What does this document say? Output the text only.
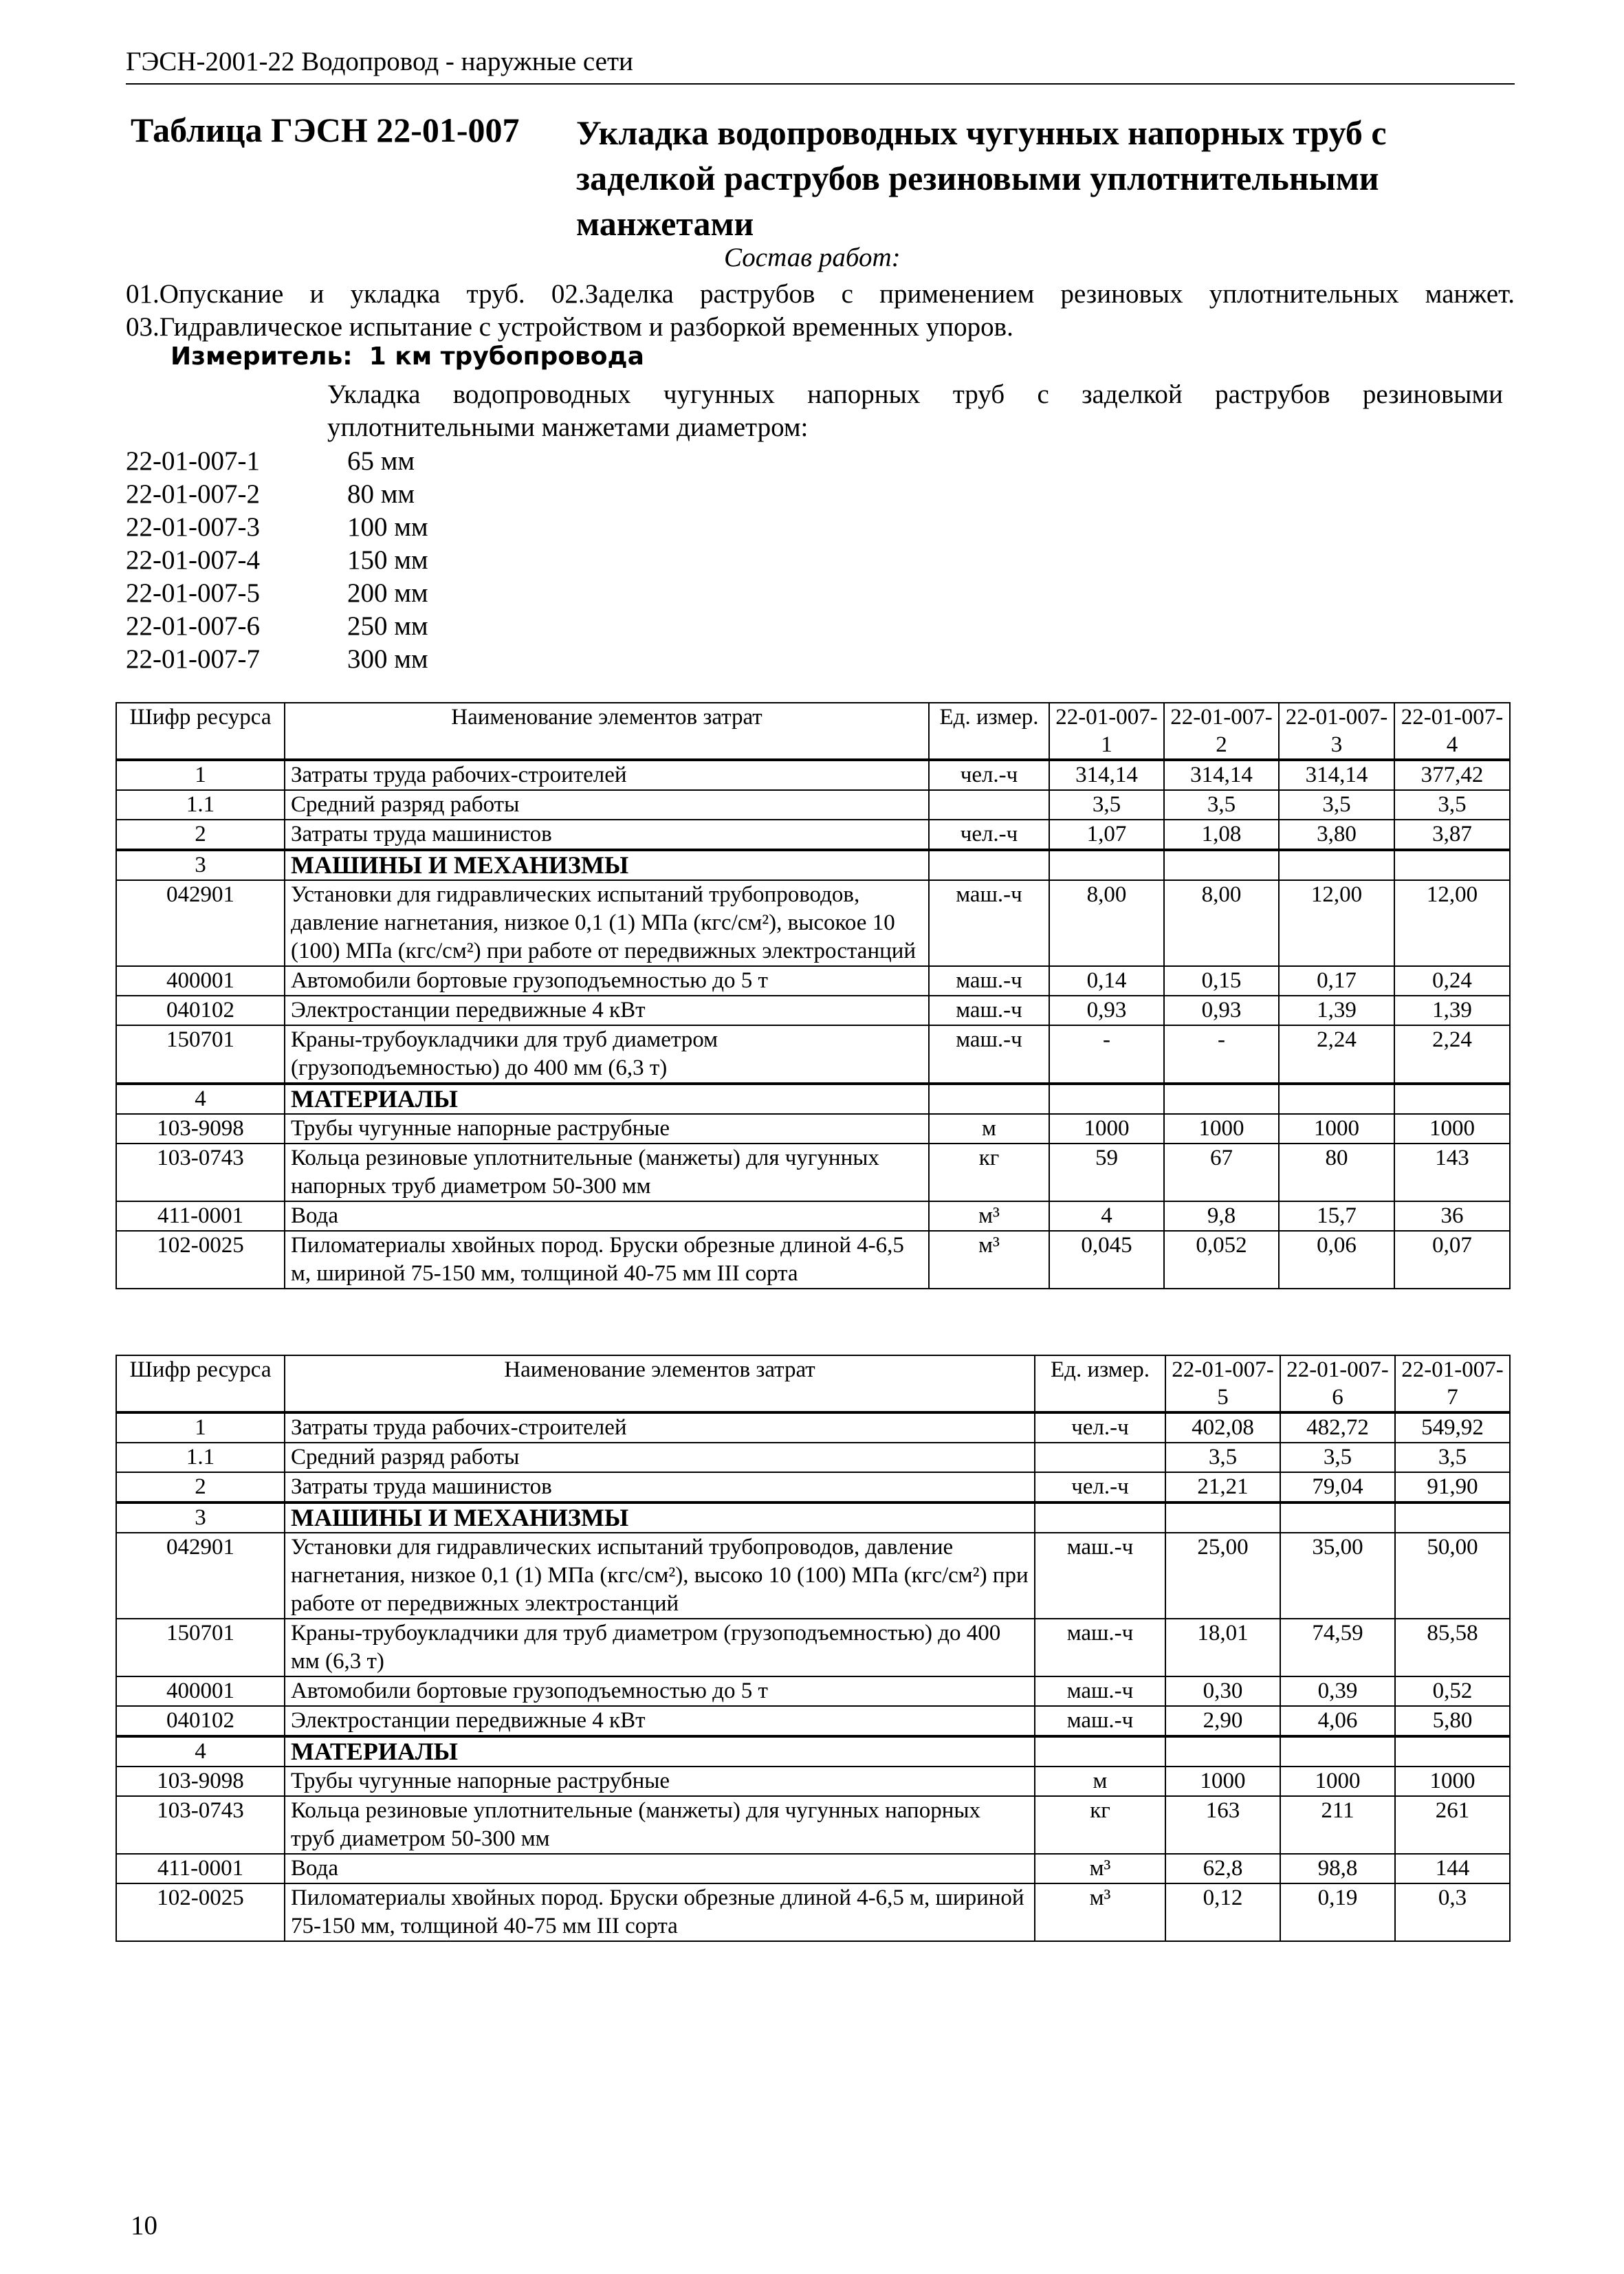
ГЭСН-2001-22 Водопровод - наружные сети
Таблица ГЭСН 22-01-007 Укладка водопроводных чугунных напорных труб с заделкой раструбов резиновыми уплотнительными манжетами
Состав работ:
01.Опускание и укладка труб. 02.Заделка раструбов с применением резиновых уплотнительных манжет. 03.Гидравлическое испытание с устройством и разборкой временных упоров.
Измеритель: 1 км трубопровода
Укладка водопроводных чугунных напорных труб с заделкой раструбов резиновыми уплотнительными манжетами диаметром:
22-01-007-1	65 мм
22-01-007-2	80 мм
22-01-007-3	100 мм
22-01-007-4	150 мм
22-01-007-5	200 мм
22-01-007-6	250 мм
22-01-007-7	300 мм
Шифр ресурса	Наименование элементов затрат	Ед. измер.	22-01-007-1	22-01-007-2	22-01-007-3	22-01-007-4
1	Затраты труда рабочих-строителей	чел.-ч	314,14	314,14	314,14	377,42
1.1	Средний разряд работы		3,5	3,5	3,5	3,5
2	Затраты труда машинистов	чел.-ч	1,07	1,08	3,80	3,87
3	МАШИНЫ И МЕХАНИЗМЫ					
042901	Установки для гидравлических испытаний трубопроводов, давление нагнетания, низкое 0,1 (1) МПа (кгс/см²), высокое 10 (100) МПа (кгс/см²) при работе от передвижных электростанций	маш.-ч	8,00	8,00	12,00	12,00
400001	Автомобили бортовые грузоподъемностью до 5 т	маш.-ч	0,14	0,15	0,17	0,24
040102	Электростанции передвижные 4 кВт	маш.-ч	0,93	0,93	1,39	1,39
150701	Краны-трубоукладчики для труб диаметром (грузоподъемностью) до 400 мм (6,3 т)	маш.-ч	-	-	2,24	2,24
4	МАТЕРИАЛЫ					
103-9098	Трубы чугунные напорные раструбные	м	1000	1000	1000	1000
103-0743	Кольца резиновые уплотнительные (манжеты) для чугунных напорных труб диаметром 50-300 мм	кг	59	67	80	143
411-0001	Вода	м³	4	9,8	15,7	36
102-0025	Пиломатериалы хвойных пород. Бруски обрезные длиной 4-6,5 м, шириной 75-150 мм, толщиной 40-75 мм III сорта	м³	0,045	0,052	0,06	0,07
Шифр ресурса	Наименование элементов затрат	Ед. измер.	22-01-007-5	22-01-007-6	22-01-007-7
1	Затраты труда рабочих-строителей	чел.-ч	402,08	482,72	549,92
1.1	Средний разряд работы		3,5	3,5	3,5
2	Затраты труда машинистов	чел.-ч	21,21	79,04	91,90
3	МАШИНЫ И МЕХАНИЗМЫ				
042901	Установки для гидравлических испытаний трубопроводов, давление нагнетания, низкое 0,1 (1) МПа (кгс/см²), высоко 10 (100) МПа (кгс/см²) при работе от передвижных электростанций	маш.-ч	25,00	35,00	50,00
150701	Краны-трубоукладчики для труб диаметром (грузоподъемностью) до 400 мм (6,3 т)	маш.-ч	18,01	74,59	85,58
400001	Автомобили бортовые грузоподъемностью до 5 т	маш.-ч	0,30	0,39	0,52
040102	Электростанции передвижные 4 кВт	маш.-ч	2,90	4,06	5,80
4	МАТЕРИАЛЫ				
103-9098	Трубы чугунные напорные раструбные	м	1000	1000	1000
103-0743	Кольца резиновые уплотнительные (манжеты) для чугунных напорных труб диаметром 50-300 мм	кг	163	211	261
411-0001	Вода	м³	62,8	98,8	144
102-0025	Пиломатериалы хвойных пород. Бруски обрезные длиной 4-6,5 м, шириной 75-150 мм, толщиной 40-75 мм III сорта	м³	0,12	0,19	0,3
10
